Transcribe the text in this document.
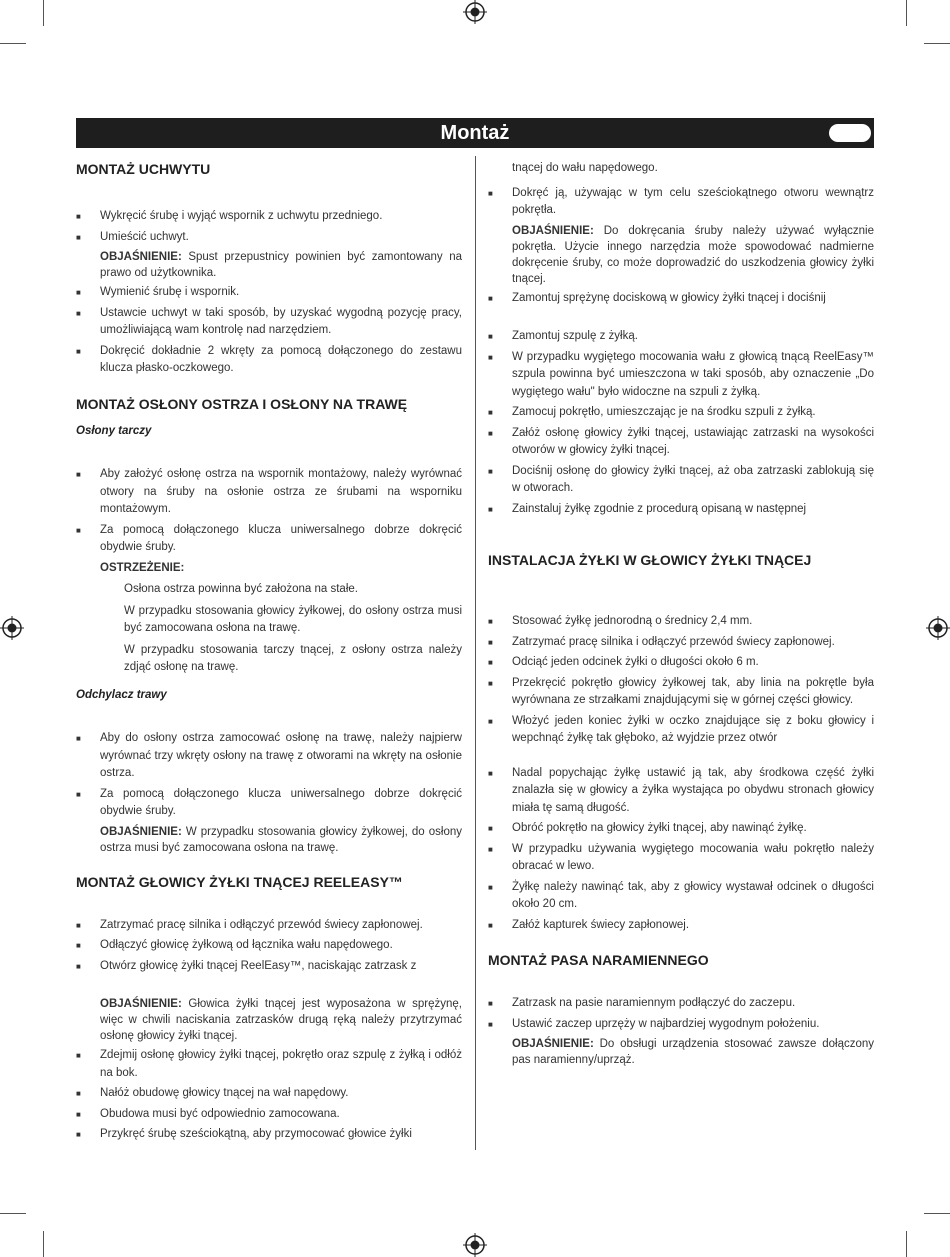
Montaż
MONTAŻ UCHWYTU
■ Wykręcić śrubę i wyjąć wspornik z uchwytu przedniego.
■ Umieścić uchwyt.
OBJAŚNIENIE: Spust przepustnicy powinien być zamontowany na prawo od użytkownika.
■ Wymienić śrubę i wspornik.
■ Ustawcie uchwyt w taki sposób, by uzyskać wygodną pozycję pracy, umożliwiającą wam kontrolę nad narzędziem.
■ Dokręcić dokładnie 2 wkręty za pomocą dołączonego do zestawu klucza płasko-oczkowego.
MONTAŻ OSŁONY OSTRZA I OSŁONY NA TRAWĘ

Osłony tarczy

■ Aby założyć osłonę ostrza na wspornik montażowy, należy wyrównać otwory na śruby na osłonie ostrza ze śrubami na wsporniku montażowym.
■ Za pomocą dołączonego klucza uniwersalnego dobrze dokręcić obydwie śruby.
OSTRZEŻENIE:
Osłona ostrza powinna być założona na stałe.
W przypadku stosowania głowicy żyłkowej, do osłony ostrza musi być zamocowana osłona na trawę.
W przypadku stosowania tarczy tnącej, z osłony ostrza należy zdjąć osłonę na trawę.

Odchylacz trawy

■ Aby do osłony ostrza zamocować osłonę na trawę, należy najpierw wyrównać trzy wkręty osłony na trawę z otworami na wkręty na osłonie ostrza.
■ Za pomocą dołączonego klucza uniwersalnego dobrze dokręcić obydwie śruby.
OBJAŚNIENIE: W przypadku stosowania głowicy żyłkowej, do osłony ostrza musi być zamocowana osłona na trawę.
MONTAŻ GŁOWICY ŻYŁKI TNĄCEJ REELEASY™
■ Zatrzymać pracę silnika i odłączyć przewód świecy zapłonowej.
■ Odłączyć głowicę żyłkową od łącznika wału napędowego.
■ Otwórz głowicę żyłki tnącej ReelEasy™, naciskając zatrzask z
OBJAŚNIENIE: Głowica żyłki tnącej jest wyposażona w sprężynę, więc w chwili naciskania zatrzasków drugą ręką należy przytrzymać osłonę głowicy żyłki tnącej.
■ Zdejmij osłonę głowicy żyłki tnącej, pokrętło oraz szpulę z żyłką i odłóż na bok.
■ Nałóż obudowę głowicy tnącej na wał napędowy.
■ Obudowa musi być odpowiednio zamocowana.
■ Przykręć śrubę sześciokątną, aby przymocować głowice żyłki
tnącej do wału napędowego.
■ Dokręć ją, używając w tym celu sześciokątnego otworu wewnątrz pokrętła.
OBJAŚNIENIE: Do dokręcania śruby należy używać wyłącznie pokrętła. Użycie innego narzędzia może spowodować nadmierne dokręcenie śruby, co może doprowadzić do uszkodzenia głowicy żyłki tnącej.
■ Zamontuj sprężynę dociskową w głowicy żyłki tnącej i dociśnij
■ Zamontuj szpulę z żyłką.
■ W przypadku wygiętego mocowania wału z głowicą tnącą ReelEasy™ szpula powinna być umieszczona w taki sposób, aby oznaczenie „Do wygiętego wału" było widoczne na szpuli z żyłką.
■ Zamocuj pokrętło, umieszczając je na środku szpuli z żyłką.
■ Załóż osłonę głowicy żyłki tnącej, ustawiając zatrzaski na wysokości otworów w głowicy żyłki tnącej.
■ Dociśnij osłonę do głowicy żyłki tnącej, aż oba zatrzaski zablokują się w otworach.
■ Zainstaluj żyłkę zgodnie z procedurą opisaną w następnej
INSTALACJA ŻYŁKI W GŁOWICY ŻYŁKI TNĄCEJ
■ Stosować żyłkę jednorodną o średnicy 2,4 mm.
■ Zatrzymać pracę silnika i odłączyć przewód świecy zapłonowej.
■ Odciąć jeden odcinek żyłki o długości około 6 m.
■ Przekręcić pokrętło głowicy żyłkowej tak, aby linia na pokrętle była wyrównana ze strzałkami znajdującymi się w górnej części głowicy.
■ Włożyć jeden koniec żyłki w oczko znajdujące się z boku głowicy i wepchnąć żyłkę tak głęboko, aż wyjdzie przez otwór
■ Nadal popychając żyłkę ustawić ją tak, aby środkowa część żyłki znalazła się w głowicy a żyłka wystająca po obydwu stronach głowicy miała tę samą długość.
■ Obróć pokrętło na głowicy żyłki tnącej, aby nawinąć żyłkę.
■ W przypadku używania wygiętego mocowania wału pokrętło należy obracać w lewo.
■ Żyłkę należy nawinąć tak, aby z głowicy wystawał odcinek o długości około 20 cm.
■ Załóż kapturek świecy zapłonowej.
MONTAŻ PASA NARAMIENNEGO
■ Zatrzask na pasie naramiennym podłączyć do zaczepu.
■ Ustawić zaczep uprzęży w najbardziej wygodnym położeniu.
OBJAŚNIENIE: Do obsługi urządzenia stosować zawsze dołączony pas naramienny/uprząż.
